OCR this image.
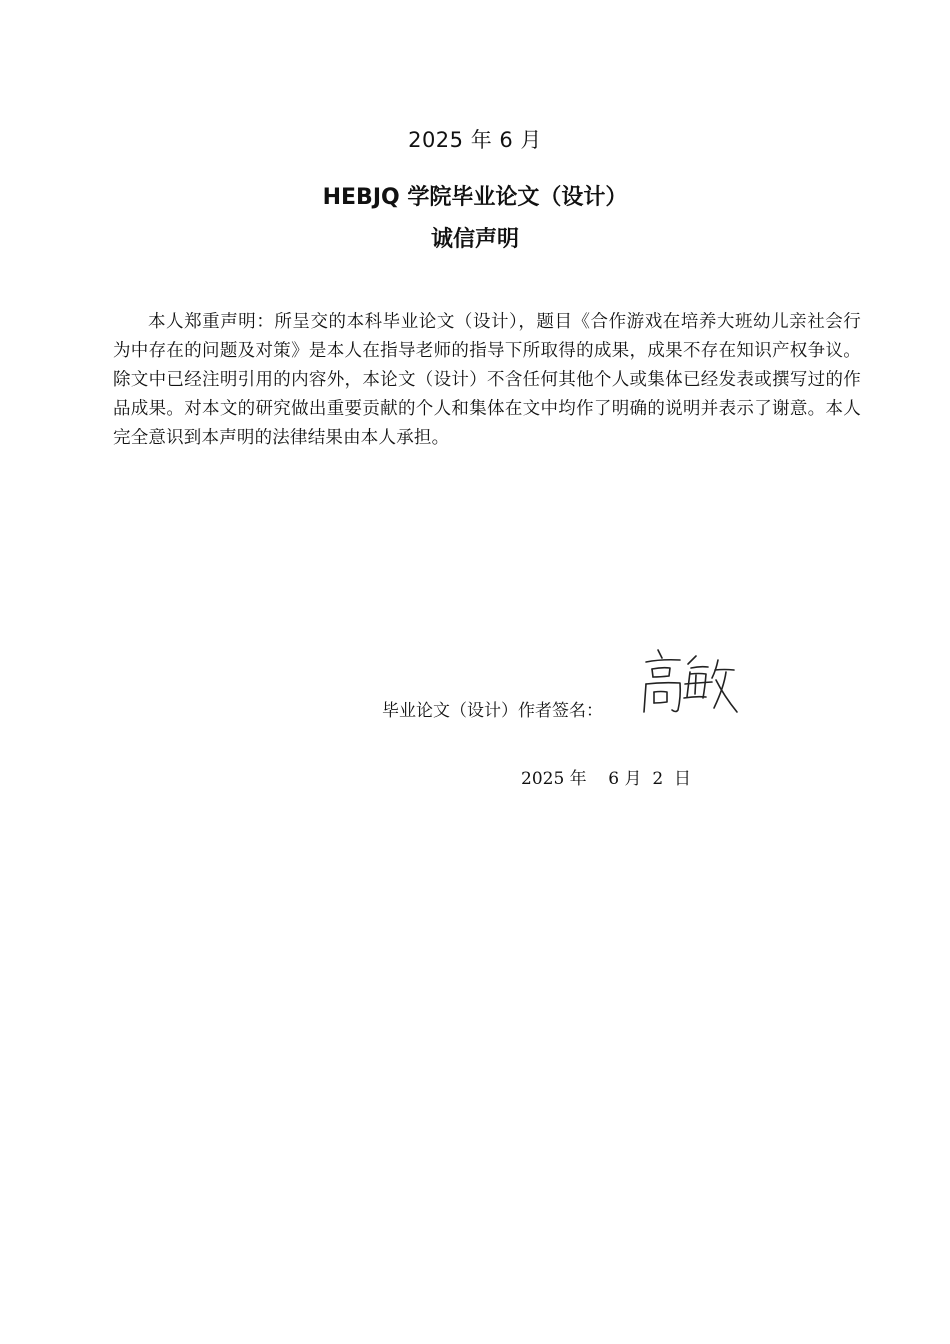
2025 年 6 月
HEBJQ 学院毕业论文（设计）
诚信声明

本人郑重声明：所呈交的本科毕业论文（设计），题目《合作游戏在培养大班幼儿亲社会行为中存在的问题及对策》是本人在指导老师的指导下所取得的成果，成果不存在知识产权争议。除文中已经注明引用的内容外，本论文（设计）不含任何其他个人或集体已经发表或撰写过的作品成果。对本文的研究做出重要贡献的个人和集体在文中均作了明确的说明并表示了谢意。本人完全意识到本声明的法律结果由本人承担。

毕业论文（设计）作者签名：
2025 年 6 月 2 日
